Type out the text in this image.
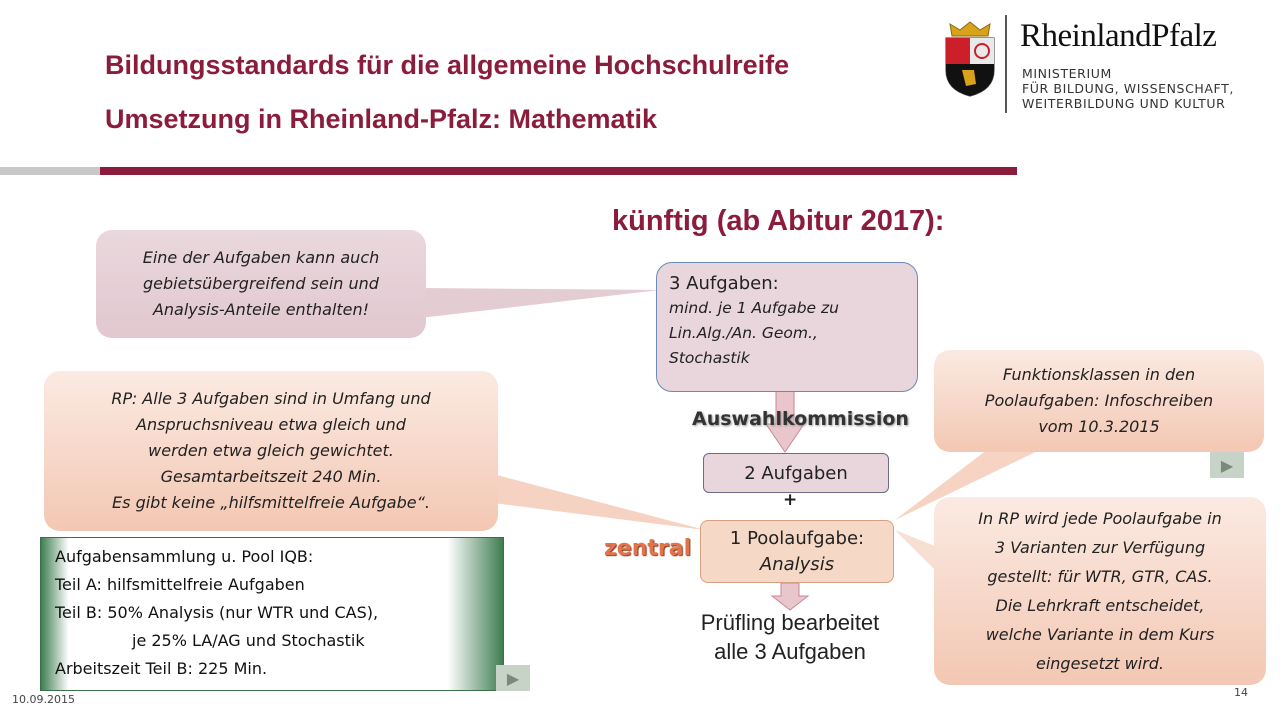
Bildungsstandards für die allgemeine Hochschulreife
Umsetzung in Rheinland-Pfalz: Mathematik
RheinlandPfalz
MINISTERIUM
FÜR BILDUNG, WISSENSCHAFT,
WEITERBILDUNG UND KULTUR
künftig (ab Abitur 2017):
Eine der Aufgaben kann auch
gebietsübergreifend sein und
Analysis-Anteile enthalten!
RP: Alle 3 Aufgaben sind in Umfang und
Anspruchsniveau etwa gleich und
werden etwa gleich gewichtet.
Gesamtarbeitszeit 240 Min.
Es gibt keine „hilfsmittelfreie Aufgabe“.
Funktionsklassen in den
Poolaufgaben: Infoschreiben
vom 10.3.2015
▶
In RP wird jede Poolaufgabe in
3 Varianten zur Verfügung
gestellt: für WTR, GTR, CAS.
Die Lehrkraft entscheidet,
welche Variante in dem Kurs
eingesetzt wird.
3 Aufgaben:
mind. je 1 Aufgabe zu
Lin.Alg./An. Geom.,
Stochastik
Auswahlkommission
2 Aufgaben
+
1 Poolaufgabe:
Analysis
zentral
Prüfling bearbeitet
alle 3 Aufgaben
Aufgabensammlung u. Pool IQB:
Teil A: hilfsmittelfreie Aufgaben
Teil B: 50% Analysis (nur WTR und CAS),
je 25% LA/AG und Stochastik
Arbeitszeit Teil B: 225 Min.	▶
10.09.2015
14
